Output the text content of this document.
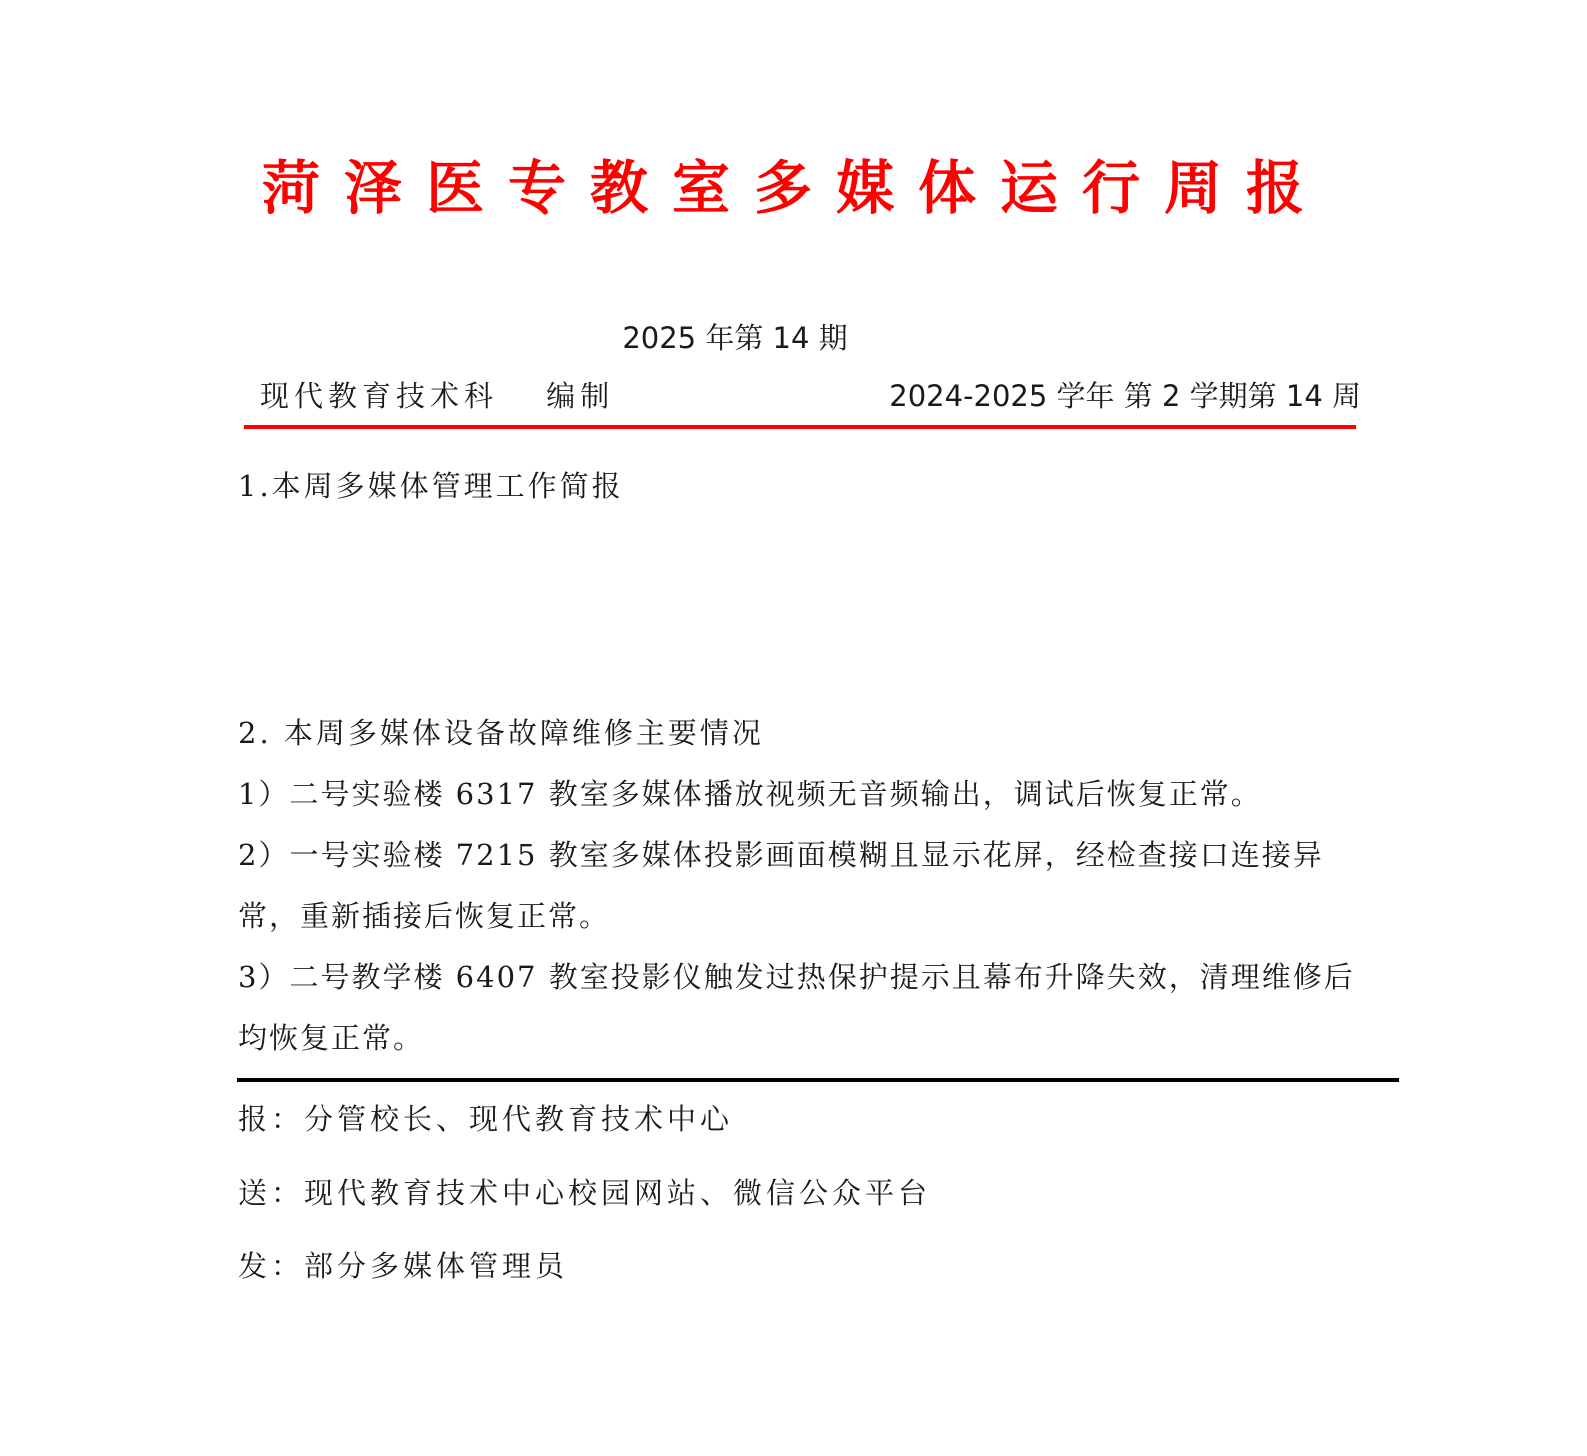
菏泽医专教室多媒体运行周报
2025 年第 14 期
现代教育技术科　 编制	2024-2025 学年 第 2 学期第 14 周
1.本周多媒体管理工作简报
2. 本周多媒体设备故障维修主要情况
1）二号实验楼 6317 教室多媒体播放视频无音频输出，调试后恢复正常。
2）一号实验楼 7215 教室多媒体投影画面模糊且显示花屏，经检查接口连接异常，重新插接后恢复正常。
3）二号教学楼 6407 教室投影仪触发过热保护提示且幕布升降失效，清理维修后均恢复正常。
报：分管校长、现代教育技术中心
送：现代教育技术中心校园网站、微信公众平台
发：部分多媒体管理员
